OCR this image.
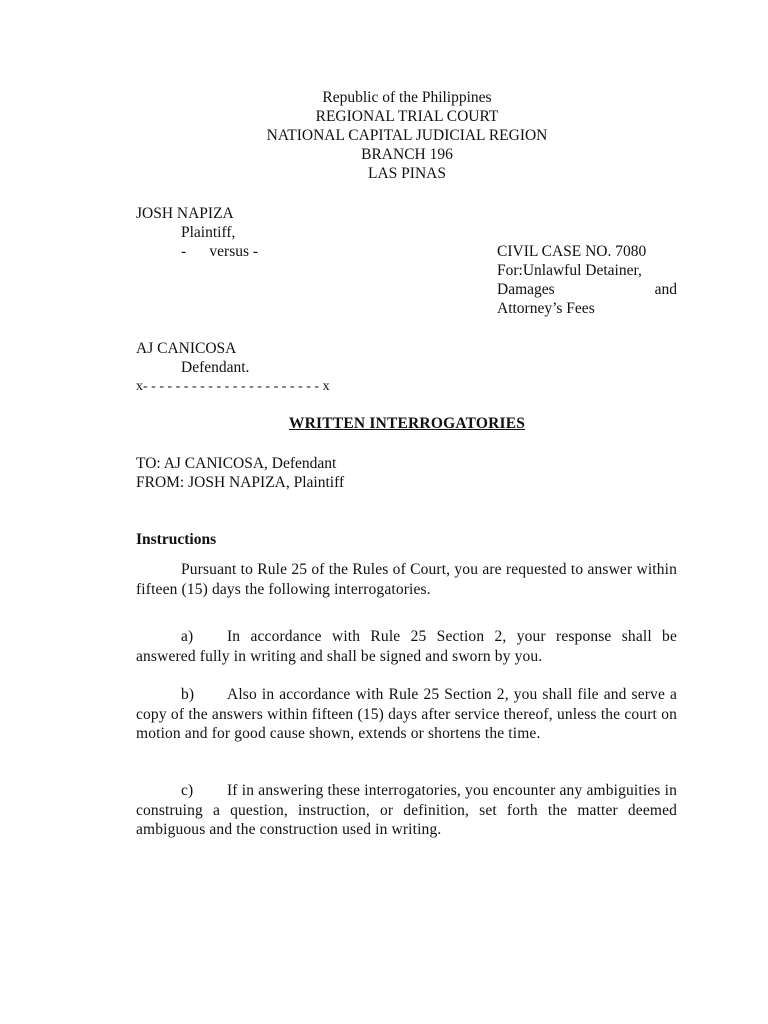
Republic of the Philippines
REGIONAL TRIAL COURT
NATIONAL CAPITAL JUDICIAL REGION
BRANCH 196
LAS PINAS
JOSH NAPIZA
Plaintiff,
-      versus -	CIVIL CASE NO. 7080
For:Unlawful Detainer,
Damages	and
Attorney’s Fees
AJ CANICOSA
Defendant.
x- - - - - - - - - - - - - - - - - - - - - - x
WRITTEN INTERROGATORIES
TO: AJ CANICOSA, Defendant
FROM: JOSH NAPIZA, Plaintiff
Instructions
Pursuant to Rule 25 of the Rules of Court, you are requested to answer within fifteen (15) days the following interrogatories.
a) In accordance with Rule 25 Section 2, your response shall be answered fully in writing and shall be signed and sworn by you.
b) Also in accordance with Rule 25 Section 2, you shall file and serve a copy of the answers within fifteen (15) days after service thereof, unless the court on motion and for good cause shown, extends or shortens the time.
c) If in answering these interrogatories, you encounter any ambiguities in construing a question, instruction, or definition, set forth the matter deemed ambiguous and the construction used in writing.
